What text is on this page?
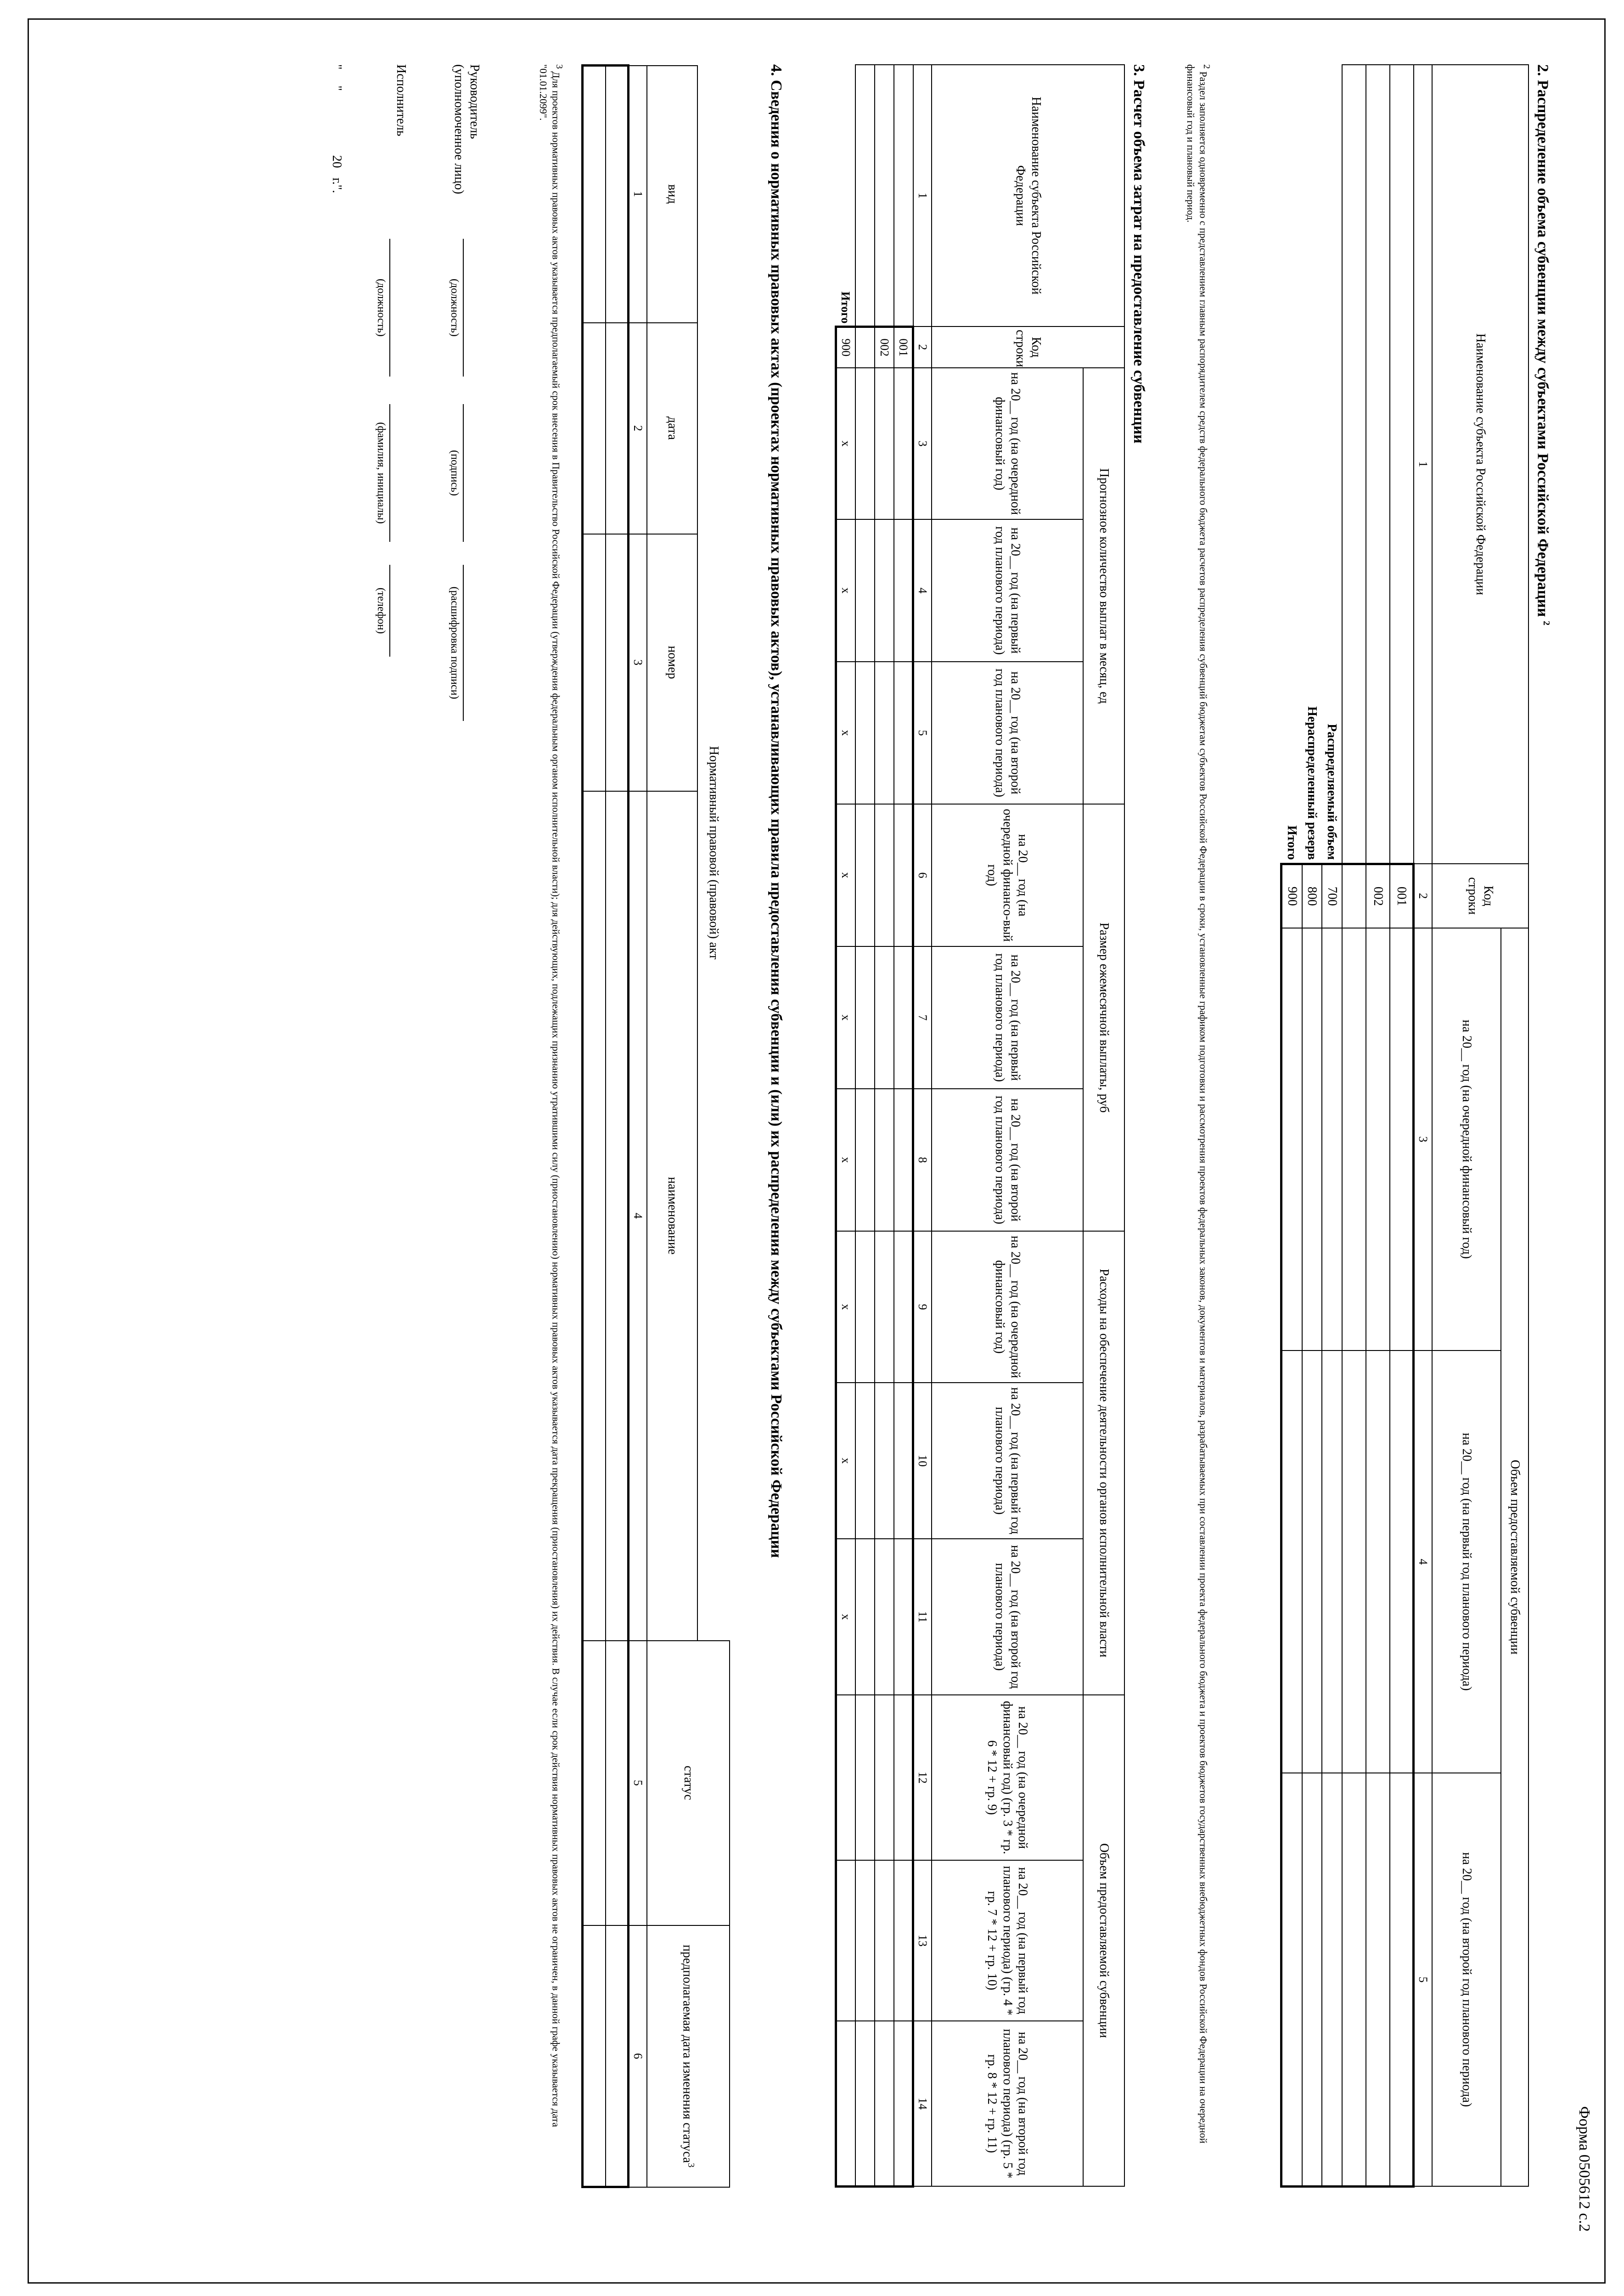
Форма 0505612 с.2
2. Распределение объема субвенции между субъектами Российской Федерации $^2$
Наименование субъекта Российской Федерации	Код строки	Объем предоставляемой субвенции		
		на 20__ год (на очередной финансовый год)	на 20__ год (на первый год планового периода)	на 20__ год (на второй год планового периода)
1	2	3	4	5
	001			
	002			

Распределяемый объем	700			
Нераспределенный резерв	800			
Итого	900			
2 Раздел заполняется одновременно с представлением главным распорядителем средств федерального бюджета расчетов распределения субвенций бюджетам субъектов Российской Федерации в сроки, установленные графиком подготовки и рассмотрения проектов федеральных законов, документов и материалов, разрабатываемых при составлении проекта федерального бюджета и проектов бюджетов государственных внебюджетных фондов Российской Федерации на очередной финансовый год и плановый период.
3. Расчет объема затрат на предоставление субвенции
Наименование субъекта Российской Федерации	Код строки	Прогнозное количество выплат в месяц, ед			Размер ежемесячной выплаты, руб			Расходы на обеспечение деятельности органов исполнительной власти			Объем предоставляемой субвенции		
		на 20__ год (на очередной финансовый год)	на 20__ год (на первый год планового периода)	на 20__ год (на второй год планового периода)	на 20__ год (на очередной финансо-вый год)	на 20__ год (на первый год планового периода)	на 20__ год (на второй год планового периода)	на 20__ год (на очередной финансовый год)	на 20__ год (на первый год планового периода)	на 20__ год (на второй год планового периода)	на 20__ год (на очередной финансовый год) (гр. 3 * гр. 6 * 12 + гр. 9)	на 20__ год (на первый год планового периода) (гр. 4 * гр. 7 * 12 + гр. 10)	на 20__ год (на второй год планового периода) (гр. 5 * гр. 8 * 12 + гр. 11)
1	2	3	4	5	6	7	8	9	10	11	12	13	14
	001												
	002												

Итого	900	x	x	x	x	x	x	x	x	x			
4. Сведения о нормативных правовых актах (проектах нормативных правовых актов), устанавливающих правила предоставления субвенции и (или) их распределения между субъектами Российской Федерации
Нормативный правовой (правовой) акт				статус	предполагаемая дата изменения статуса$^3$
вид	дата	номер	наименование		
1	2	3	4	5	6

3 Для проектов нормативных правовых актов указывается предполагаемый срок внесения в Правительство Российской Федерации (утверждения федеральным органом исполнительной власти); для действующих, подлежащих признанию утратившими силу (приостановлению) нормативных правовых актов указывается дата прекращения (приостановления) их действия. В случае если срок действия нормативных правовых актов не ограничен, в данной графе указывается дата "01.01.2099".
Руководитель
(уполномоченное лицо)
(должность)
(подпись)
(расшифровка подписи)
Исполнитель
(должность)
(фамилия, инициалы)
(телефон)
"     "                    20   г.".
